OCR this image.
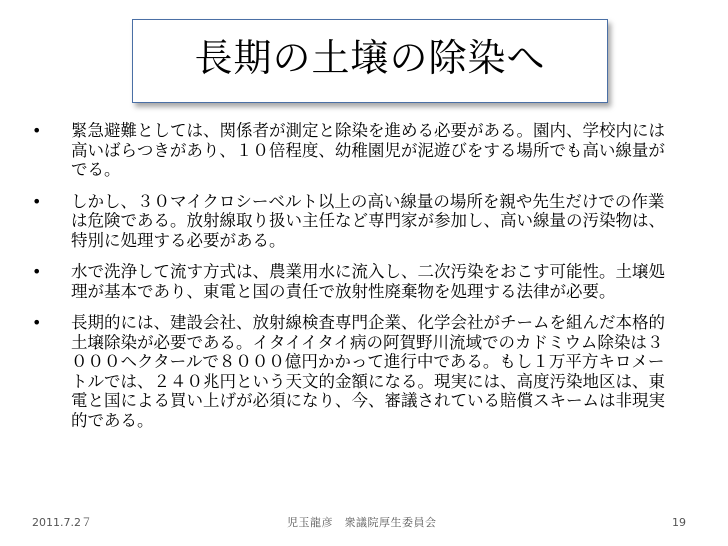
長期の土壌の除染へ
• 緊急避難としては、関係者が測定と除染を進める必要がある。園内、学校内には高いばらつきがあり、１０倍程度、幼稚園児が泥遊びをする場所でも高い線量がでる。
• しかし、３０マイクロシーベルト以上の高い線量の場所を親や先生だけでの作業は危険である。放射線取り扱い主任など専門家が参加し、高い線量の汚染物は、特別に処理する必要がある。
• 水で洗浄して流す方式は、農業用水に流入し、二次汚染をおこす可能性。土壌処理が基本であり、東電と国の責任で放射性廃棄物を処理する法律が必要。
• 長期的には、建設会社、放射線検査専門企業、化学会社がチームを組んだ本格的土壌除染が必要である。イタイイタイ病の阿賀野川流域でのカドミウム除染は３０００ヘクタールで８０００億円かかって進行中である。もし１万平方キロメートルでは、２４０兆円という天文的金額になる。現実には、高度汚染地区は、東電と国による買い上げが必須になり、今、審議されている賠償スキームは非現実的である。
2011.7.2７	児玉龍彦　衆議院厚生委員会	19
